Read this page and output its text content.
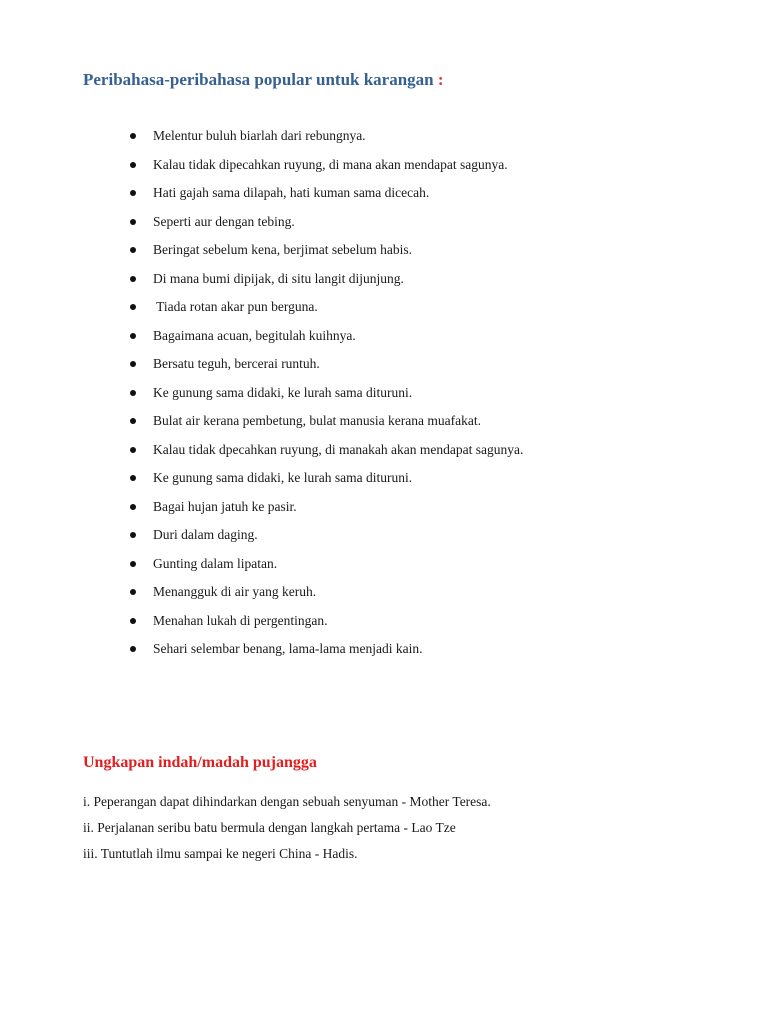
Peribahasa-peribahasa popular untuk karangan :
Melentur buluh biarlah dari rebungnya.
Kalau tidak dipecahkan ruyung, di mana akan mendapat sagunya.
Hati gajah sama dilapah, hati kuman sama dicecah.
Seperti aur dengan tebing.
Beringat sebelum kena, berjimat sebelum habis.
Di mana bumi dipijak, di situ langit dijunjung.
Tiada rotan akar pun berguna.
Bagaimana acuan, begitulah kuihnya.
Bersatu teguh, bercerai runtuh.
Ke gunung sama didaki, ke lurah sama dituruni.
Bulat air kerana pembetung, bulat manusia kerana muafakat.
Kalau tidak dpecahkan ruyung, di manakah akan mendapat sagunya.
Ke gunung sama didaki, ke lurah sama dituruni.
Bagai hujan jatuh ke pasir.
Duri dalam daging.
Gunting dalam lipatan.
Menangguk di air yang keruh.
Menahan lukah di pergentingan.
Sehari selembar benang, lama-lama menjadi kain.
Ungkapan indah/madah pujangga
i. Peperangan dapat dihindarkan dengan sebuah senyuman - Mother Teresa.
ii. Perjalanan seribu batu bermula dengan langkah pertama - Lao Tze
iii. Tuntutlah ilmu sampai ke negeri China - Hadis.
